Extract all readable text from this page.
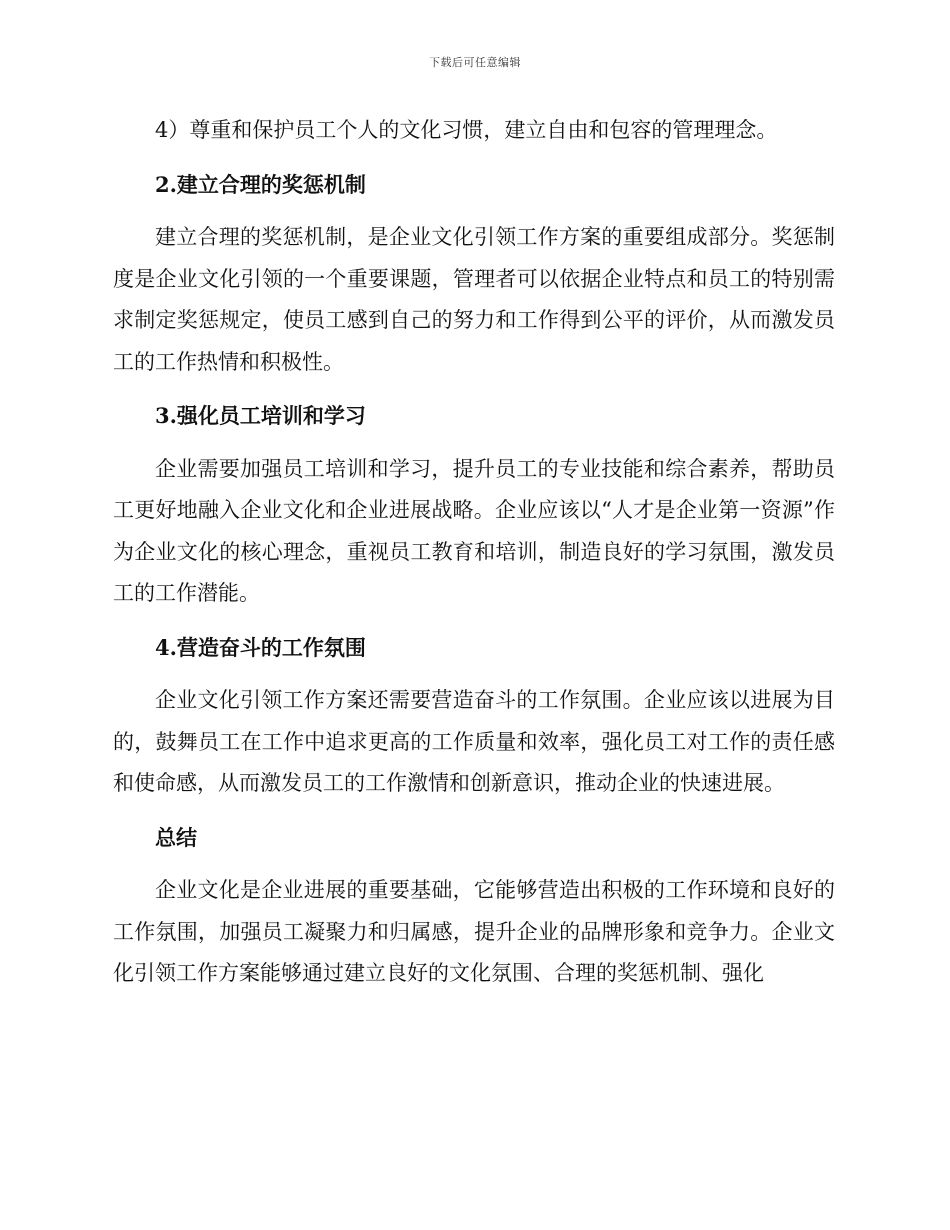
下载后可任意编辑

4）尊重和保护员工个人的文化习惯，建立自由和包容的管理理念。

2.建立合理的奖惩机制

建立合理的奖惩机制，是企业文化引领工作方案的重要组成部分。奖惩制度是企业文化引领的一个重要课题，管理者可以依据企业特点和员工的特别需求制定奖惩规定，使员工感到自己的努力和工作得到公平的评价，从而激发员工的工作热情和积极性。

3.强化员工培训和学习

企业需要加强员工培训和学习，提升员工的专业技能和综合素养，帮助员工更好地融入企业文化和企业进展战略。企业应该以“人才是企业第一资源”作为企业文化的核心理念，重视员工教育和培训，制造良好的学习氛围，激发员工的工作潜能。

4.营造奋斗的工作氛围

企业文化引领工作方案还需要营造奋斗的工作氛围。企业应该以进展为目的，鼓舞员工在工作中追求更高的工作质量和效率，强化员工对工作的责任感和使命感，从而激发员工的工作激情和创新意识，推动企业的快速进展。

总结

企业文化是企业进展的重要基础，它能够营造出积极的工作环境和良好的工作氛围，加强员工凝聚力和归属感，提升企业的品牌形象和竞争力。企业文化引领工作方案能够通过建立良好的文化氛围、合理的奖惩机制、强化
